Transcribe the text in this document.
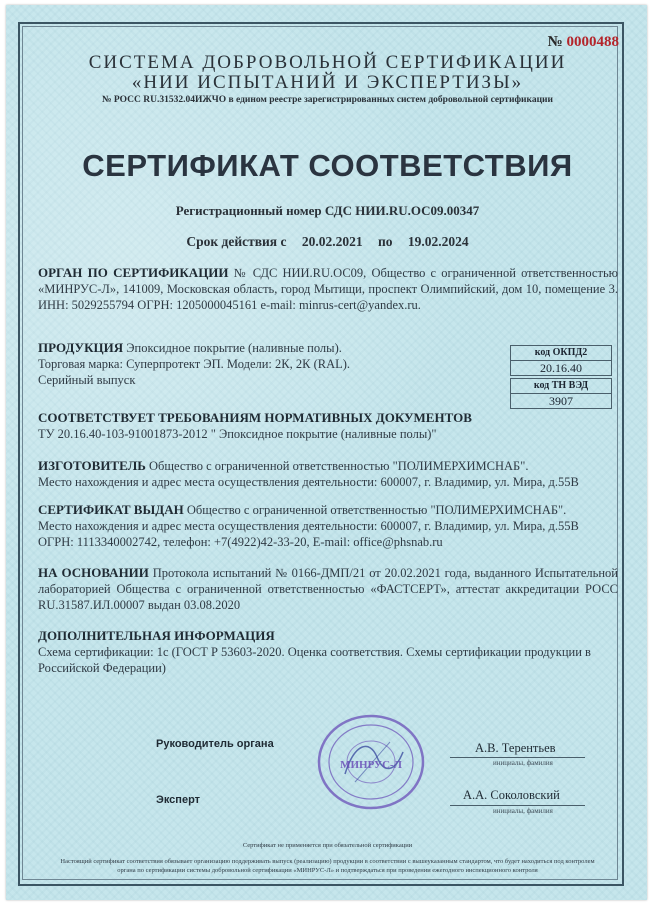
№ 0000488
СИСТЕМА ДОБРОВОЛЬНОЙ СЕРТИФИКАЦИИ
«НИИ ИСПЫТАНИЙ И ЭКСПЕРТИЗЫ»
№ РОСС RU.31532.04ИЖЧО в едином реестре зарегистрированных систем добровольной сертификации
СЕРТИФИКАТ СООТВЕТСТВИЯ
Регистрационный номер СДС НИИ.RU.ОС09.00347
Срок действия с 20.02.2021 по 19.02.2024
ОРГАН ПО СЕРТИФИКАЦИИ № СДС НИИ.RU.ОС09, Общество с ограниченной ответственностью «МИНРУС-Л», 141009, Московская область, город Мытищи, проспект Олимпийский, дом 10, помещение 3. ИНН: 5029255794 ОГРН: 1205000045161 e-mail: minrus-cert@yandex.ru.
ПРОДУКЦИЯ Эпоксидное покрытие (наливные полы).
Торговая марка: Суперпротект ЭП. Модели: 2К, 2К (RAL).
Серийный выпуск
код ОКПД2
20.16.40
код ТН ВЭД
3907
СООТВЕТСТВУЕТ ТРЕБОВАНИЯМ НОРМАТИВНЫХ ДОКУМЕНТОВ
ТУ 20.16.40-103-91001873-2012 " Эпоксидное покрытие (наливные полы)"
ИЗГОТОВИТЕЛЬ Общество с ограниченной ответственностью "ПОЛИМЕРХИМСНАБ".
Место нахождения и адрес места осуществления деятельности: 600007, г. Владимир, ул. Мира, д.55В
СЕРТИФИКАТ ВЫДАН Общество с ограниченной ответственностью "ПОЛИМЕРХИМСНАБ".
Место нахождения и адрес места осуществления деятельности: 600007, г. Владимир, ул. Мира, д.55В
ОГРН: 1113340002742, телефон: +7(4922)42-33-20, E-mail: office@phsnab.ru
НА ОСНОВАНИИ Протокола испытаний № 0166-ДМП/21 от 20.02.2021 года, выданного Испытательной лабораторией Общества с ограниченной ответственностью «ФАСТСЕРТ», аттестат аккредитации РОСС RU.31587.ИЛ.00007 выдан 03.08.2020
ДОПОЛНИТЕЛЬНАЯ ИНФОРМАЦИЯ
Схема сертификации: 1с (ГОСТ Р 53603-2020. Оценка соответствия. Схемы сертификации продукции в Российской Федерации)
Руководитель органа	А.В. Терентьев
инициалы, фамилия
Эксперт	А.А. Соколовский
инициалы, фамилия
МИНРУС-Л
Сертификат не применяется при обязательной сертификации
Настоящий сертификат соответствия обязывает организацию поддерживать выпуск (реализацию) продукции в соответствии с вышеуказанным стандартом, что будет находиться под контролем органа по сертификации системы добровольной сертификации «МИНРУС-Л» и подтверждаться при проведении ежегодного инспекционного контроля
